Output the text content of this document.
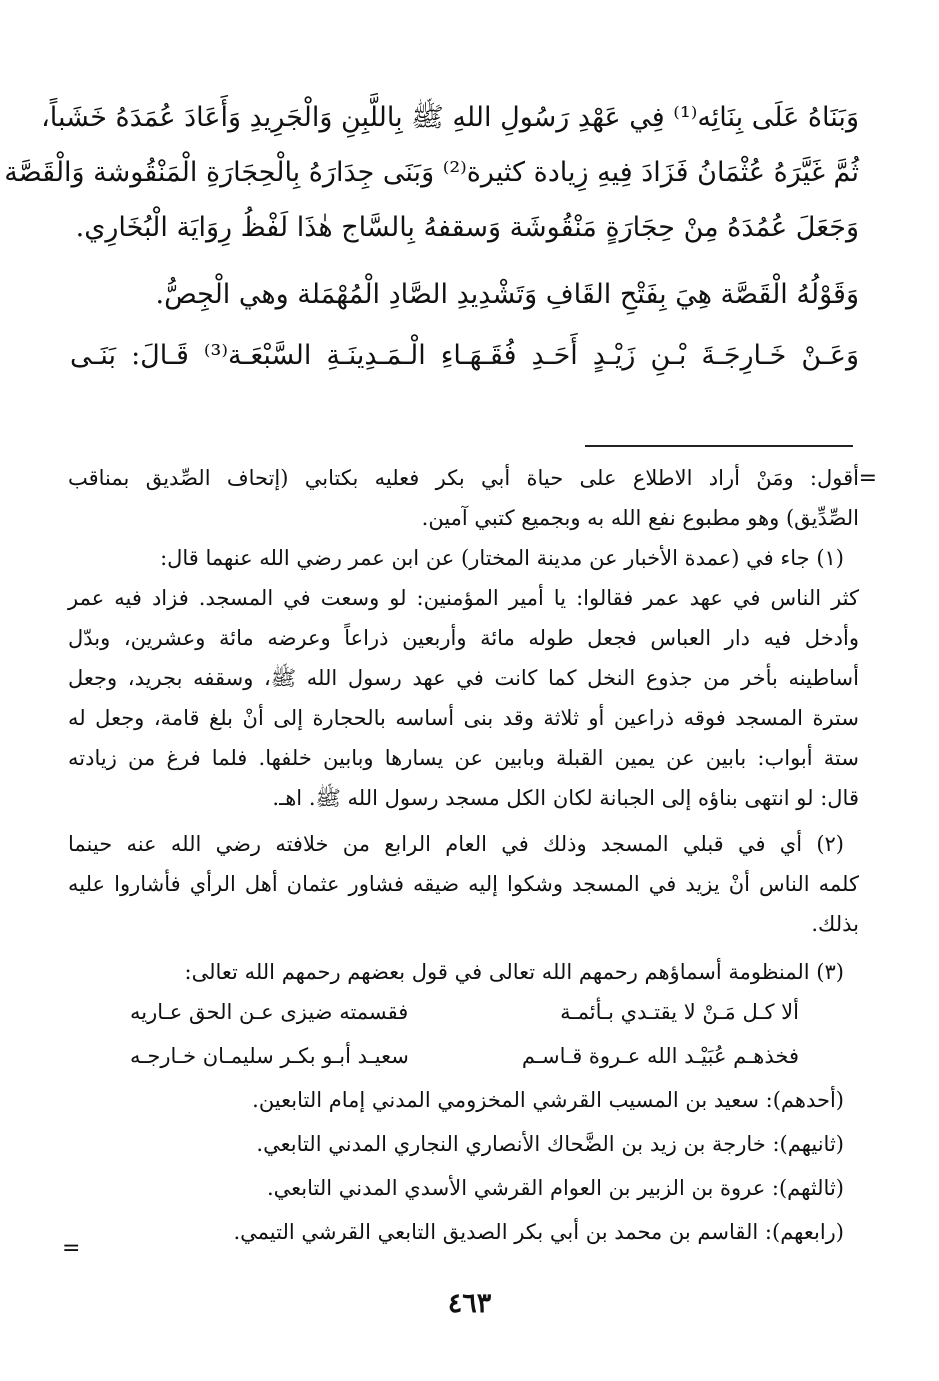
وَبَنَاهُ عَلَى بِنَائِه⁽¹⁾ فِي عَهْدِ رَسُولِ اللهِ ﷺ بِاللَّبِنِ وَالْجَرِيدِ وَأَعَادَ عُمَدَهُ خَشَباً،
ثُمَّ غَيَّرَهُ عُثْمَانُ فَزَادَ فِيهِ زِيادة كثيرة⁽²⁾ وَبَنَى جِدَارَهُ بِالْحِجَارَةِ الْمَنْقُوشة وَالْقَصَّة
وَجَعَلَ عُمُدَهُ مِنْ حِجَارَةٍ مَنْقُوشَة وَسقفهُ بِالسَّاج هٰذَا لَفْظُ رِوَايَة الْبُخَارِي.
وَقَوْلُهُ الْقَصَّة هِيَ بِفَتْحِ القَافِ وَتَشْدِيدِ الصَّادِ الْمُهْمَلة وهي الْجِصُّ.
وَعَـنْ خَـارِجَـةَ بْـنِ زَيْـدٍ أَحَـدِ فُقَـهَـاءِ الْـمَـدِينَـةِ السَّبْعَـة⁽³⁾ قَـالَ: بَنَـى
=
أقول: ومَنْ أراد الاطلاع على حياة أبي بكر فعليه بكتابي (إتحاف الصِّديق بمناقب
الصِّدِّيق) وهو مطبوع نفع الله به وبجميع كتبي آمين.
(١) جاء في (عمدة الأخبار عن مدينة المختار) عن ابن عمر رضي الله عنهما قال:
كثر الناس في عهد عمر فقالوا: يا أمير المؤمنين: لو وسعت في المسجد. فزاد فيه عمر
وأدخل فيه دار العباس فجعل طوله مائة وأربعين ذراعاً وعرضه مائة وعشرين، وبدّل
أساطينه بأخر من جذوع النخل كما كانت في عهد رسول الله ﷺ، وسقفه بجريد، وجعل
سترة المسجد فوقه ذراعين أو ثلاثة وقد بنى أساسه بالحجارة إلى أنْ بلغ قامة، وجعل له
ستة أبواب: بابين عن يمين القبلة وبابين عن يسارها وبابين خلفها. فلما فرغ من زيادته
قال: لو انتهى بناؤه إلى الجبانة لكان الكل مسجد رسول الله ﷺ. اهـ.
(٢) أي في قبلي المسجد وذلك في العام الرابع من خلافته رضي الله عنه حينما
كلمه الناس أنْ يزيد في المسجد وشكوا إليه ضيقه فشاور عثمان أهل الرأي فأشاروا عليه
بذلك.
(٣) المنظومة أسماؤهم رحمهم الله تعالى في قول بعضهم رحمهم الله تعالى:
ألا كـل مَـنْ لا يقتـدي بـأئمـة
فقسمته ضيزى عـن الحق عـاريه
فخذهـم عُبَيْـد الله عـروة قـاسـم
سعيـد أبـو بكـر سليمـان خـارجـه
(أحدهم): سعيد بن المسيب القرشي المخزومي المدني إمام التابعين.
(ثانيهم): خارجة بن زيد بن الضَّحاك الأنصاري النجاري المدني التابعي.
(ثالثهم): عروة بن الزبير بن العوام القرشي الأسدي المدني التابعي.
(رابعهم): القاسم بن محمد بن أبي بكر الصديق التابعي القرشي التيمي.
=
٤٦٣
